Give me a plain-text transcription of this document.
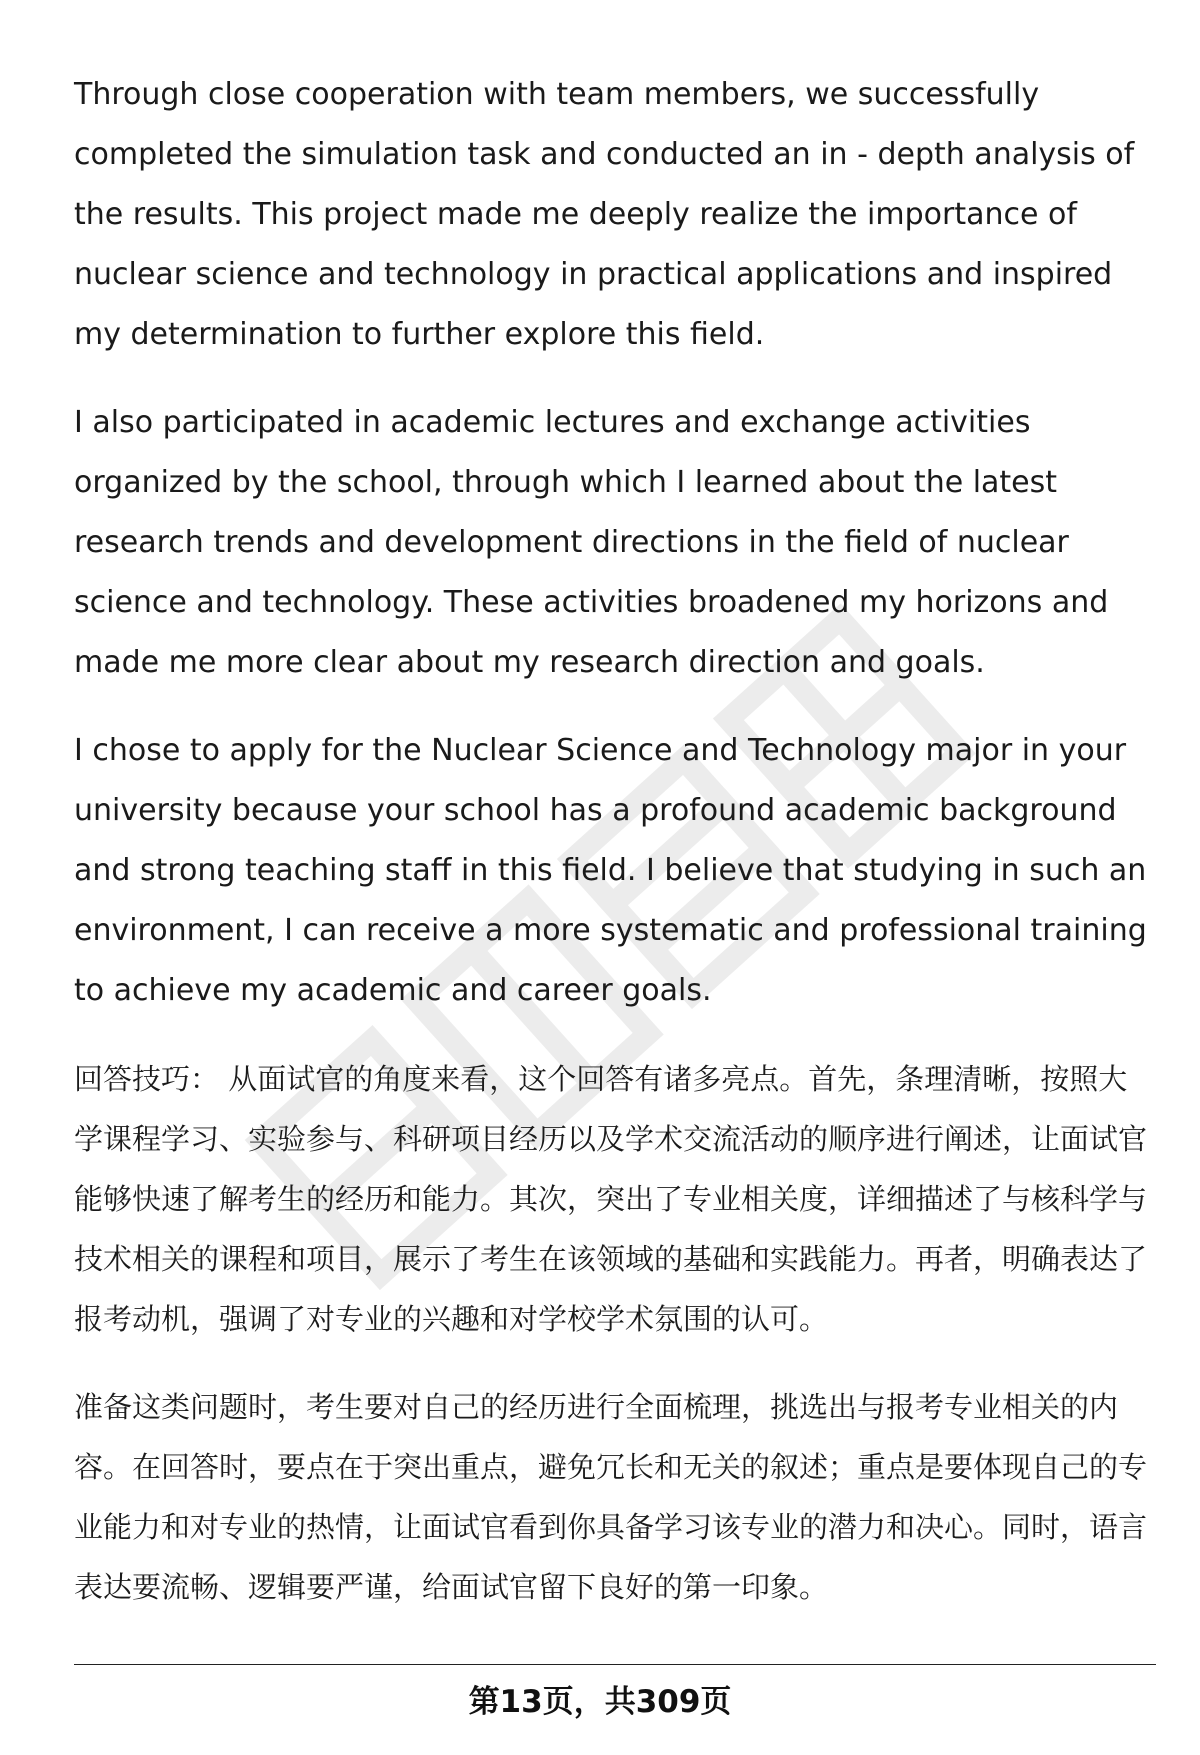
Through close cooperation with team members, we successfully completed the simulation task and conducted an in - depth analysis of the results. This project made me deeply realize the importance of nuclear science and technology in practical applications and inspired my determination to further explore this field.

I also participated in academic lectures and exchange activities organized by the school, through which I learned about the latest research trends and development directions in the field of nuclear science and technology. These activities broadened my horizons and made me more clear about my research direction and goals.

I chose to apply for the Nuclear Science and Technology major in your university because your school has a profound academic background and strong teaching staff in this field. I believe that studying in such an environment, I can receive a more systematic and professional training to achieve my academic and career goals.

回答技巧： 从面试官的角度来看，这个回答有诸多亮点。首先，条理清晰，按照大学课程学习、实验参与、科研项目经历以及学术交流活动的顺序进行阐述，让面试官能够快速了解考生的经历和能力。其次，突出了专业相关度，详细描述了与核科学与技术相关的课程和项目，展示了考生在该领域的基础和实践能力。再者，明确表达了报考动机，强调了对专业的兴趣和对学校学术氛围的认可。

准备这类问题时，考生要对自己的经历进行全面梳理，挑选出与报考专业相关的内容。在回答时，要点在于突出重点，避免冗长和无关的叙述；重点是要体现自己的专业能力和对专业的热情，让面试官看到你具备学习该专业的潜力和决心。同时，语言表达要流畅、逻辑要严谨，给面试官留下良好的第一印象。

第13页，共309页
